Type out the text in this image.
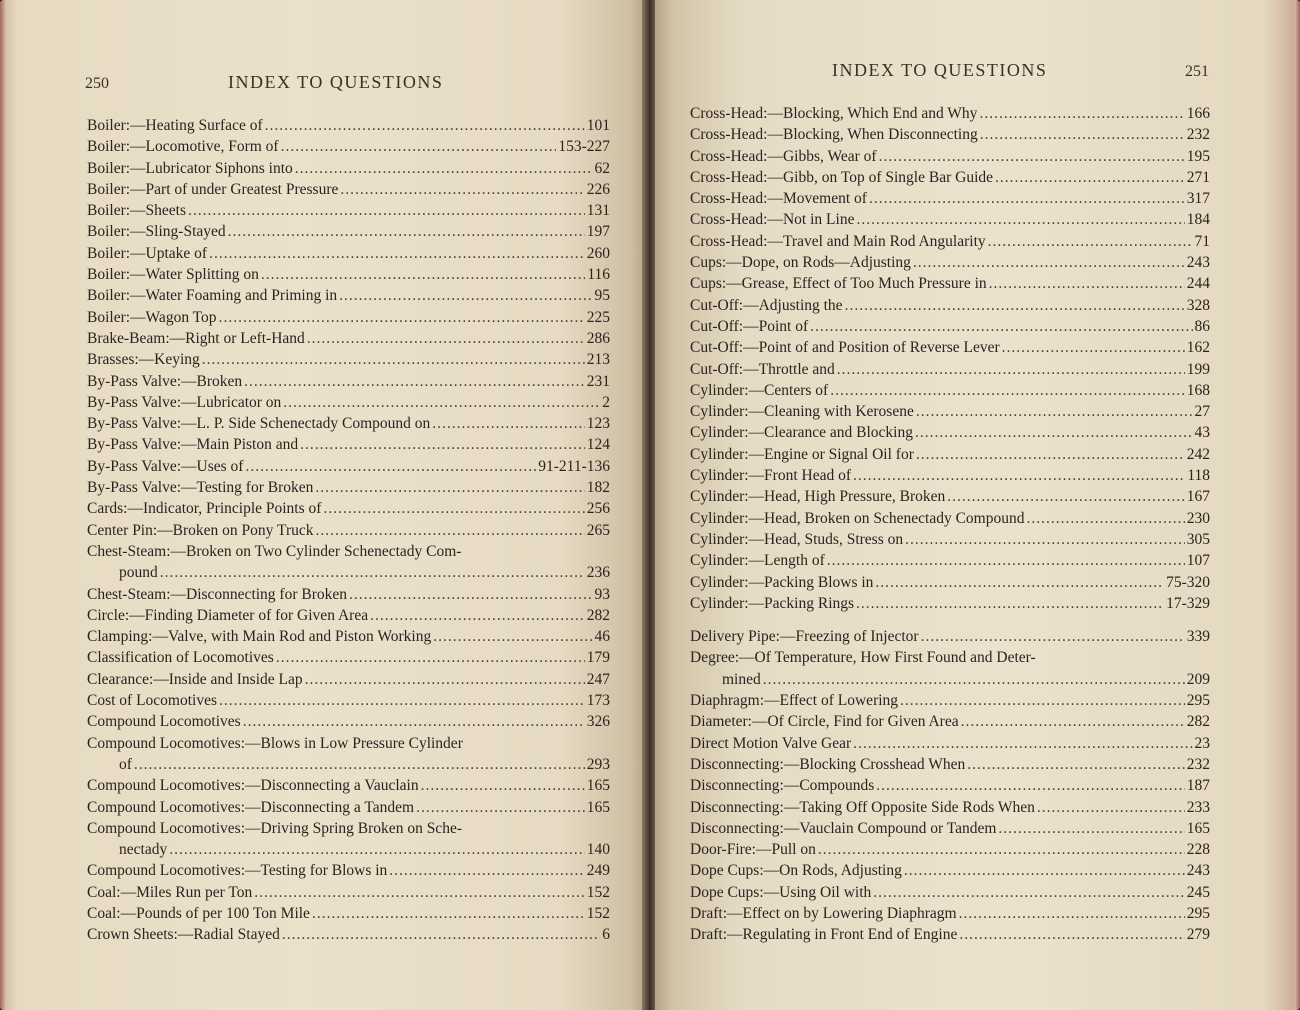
250	INDEX TO QUESTIONS
Boiler:—Heating Surface of .....	101
Boiler:—Locomotive, Form of .....	153-227
Boiler:—Lubricator Siphons into .....	62
Boiler:—Part of under Greatest Pressure .....	226
Boiler:—Sheets .....	131
Boiler:—Sling-Stayed .....	197
Boiler:—Uptake of .....	260
Boiler:—Water Splitting on .....	116
Boiler:—Water Foaming and Priming in .....	95
Boiler:—Wagon Top .....	225
Brake-Beam:—Right or Left-Hand .....	286
Brasses:—Keying .....	213
By-Pass Valve:—Broken .....	231
By-Pass Valve:—Lubricator on .....	2
By-Pass Valve:—L. P. Side Schenectady Compound on .....	123
By-Pass Valve:—Main Piston and .....	124
By-Pass Valve:—Uses of .....	91-211-136
By-Pass Valve:—Testing for Broken .....	182
Cards:—Indicator, Principle Points of .....	256
Center Pin:—Broken on Pony Truck .....	265
Chest-Steam:—Broken on Two Cylinder Schenectady Com-
pound .....	236
Chest-Steam:—Disconnecting for Broken .....	93
Circle:—Finding Diameter of for Given Area .....	282
Clamping:—Valve, with Main Rod and Piston Working .....	46
Classification of Locomotives .....	179
Clearance:—Inside and Inside Lap .....	247
Cost of Locomotives .....	173
Compound Locomotives .....	326
Compound Locomotives:—Blows in Low Pressure Cylinder
of .....	293
Compound Locomotives:—Disconnecting a Vauclain .....	165
Compound Locomotives:—Disconnecting a Tandem .....	165
Compound Locomotives:—Driving Spring Broken on Sche-
nectady .....	140
Compound Locomotives:—Testing for Blows in .....	249
Coal:—Miles Run per Ton .....	152
Coal:—Pounds of per 100 Ton Mile .....	152
Crown Sheets:—Radial Stayed .....	6
INDEX TO QUESTIONS	251
Cross-Head:—Blocking, Which End and Why .....	166
Cross-Head:—Blocking, When Disconnecting .....	232
Cross-Head:—Gibbs, Wear of .....	195
Cross-Head:—Gibb, on Top of Single Bar Guide .....	271
Cross-Head:—Movement of .....	317
Cross-Head:—Not in Line .....	184
Cross-Head:—Travel and Main Rod Angularity .....	71
Cups:—Dope, on Rods—Adjusting .....	243
Cups:—Grease, Effect of Too Much Pressure in .....	244
Cut-Off:—Adjusting the .....	328
Cut-Off:—Point of .....	86
Cut-Off:—Point of and Position of Reverse Lever .....	162
Cut-Off:—Throttle and .....	199
Cylinder:—Centers of .....	168
Cylinder:—Cleaning with Kerosene .....	27
Cylinder:—Clearance and Blocking .....	43
Cylinder:—Engine or Signal Oil for .....	242
Cylinder:—Front Head of .....	118
Cylinder:—Head, High Pressure, Broken .....	167
Cylinder:—Head, Broken on Schenectady Compound .....	230
Cylinder:—Head, Studs, Stress on .....	305
Cylinder:—Length of .....	107
Cylinder:—Packing Blows in .....	75-320
Cylinder:—Packing Rings .....	17-329
Delivery Pipe:—Freezing of Injector .....	339
Degree:—Of Temperature, How First Found and Deter-
mined .....	209
Diaphragm:—Effect of Lowering .....	295
Diameter:—Of Circle, Find for Given Area .....	282
Direct Motion Valve Gear .....	23
Disconnecting:—Blocking Crosshead When .....	232
Disconnecting:—Compounds .....	187
Disconnecting:—Taking Off Opposite Side Rods When .....	233
Disconnecting:—Vauclain Compound or Tandem .....	165
Door-Fire:—Pull on .....	228
Dope Cups:—On Rods, Adjusting .....	243
Dope Cups:—Using Oil with .....	245
Draft:—Effect on by Lowering Diaphragm .....	295
Draft:—Regulating in Front End of Engine .....	279
